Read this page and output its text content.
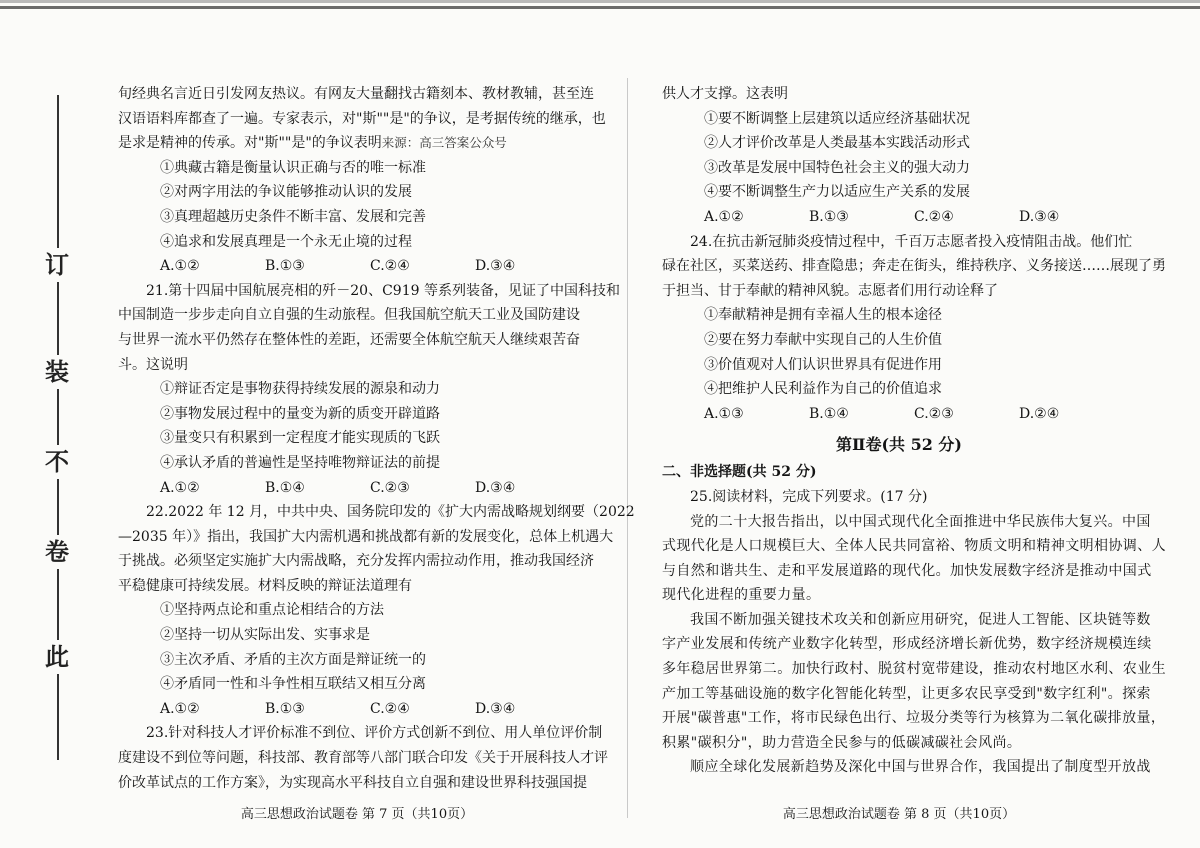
此
卷
不
装
订
旬经典名言近日引发网友热议。有网友大量翻找古籍刻本、教材教辅，甚至连
汉语语料库都查了一遍。专家表示，对"斯""是"的争议，是考据传统的继承，也
是求是精神的传承。对"斯""是"的争议表明来源：高三答案公众号
①典藏古籍是衡量认识正确与否的唯一标准
②对两字用法的争议能够推动认识的发展
③真理超越历史条件不断丰富、发展和完善
④追求和发展真理是一个永无止境的过程
A.①②	B.①③	C.②④	D.③④
21.第十四届中国航展亮相的歼－20、C919 等系列装备，见证了中国科技和
中国制造一步步走向自立自强的生动旅程。但我国航空航天工业及国防建设
与世界一流水平仍然存在整体性的差距，还需要全体航空航天人继续艰苦奋
斗。这说明
①辩证否定是事物获得持续发展的源泉和动力
②事物发展过程中的量变为新的质变开辟道路
③量变只有积累到一定程度才能实现质的飞跃
④承认矛盾的普遍性是坚持唯物辩证法的前提
A.①②	B.①④	C.②③	D.③④
22.2022 年 12 月，中共中央、国务院印发的《扩大内需战略规划纲要（2022
—2035 年）》指出，我国扩大内需机遇和挑战都有新的发展变化，总体上机遇大
于挑战。必须坚定实施扩大内需战略，充分发挥内需拉动作用，推动我国经济
平稳健康可持续发展。材料反映的辩证法道理有
①坚持两点论和重点论相结合的方法
②坚持一切从实际出发、实事求是
③主次矛盾、矛盾的主次方面是辩证统一的
④矛盾同一性和斗争性相互联结又相互分离
A.①②	B.①③	C.②④	D.③④
23.针对科技人才评价标准不到位、评价方式创新不到位、用人单位评价制
度建设不到位等问题，科技部、教育部等八部门联合印发《关于开展科技人才评
价改革试点的工作方案》，为实现高水平科技自立自强和建设世界科技强国提
供人才支撑。这表明
①要不断调整上层建筑以适应经济基础状况
②人才评价改革是人类最基本实践活动形式
③改革是发展中国特色社会主义的强大动力
④要不断调整生产力以适应生产关系的发展
A.①②	B.①③	C.②④	D.③④
24.在抗击新冠肺炎疫情过程中，千百万志愿者投入疫情阻击战。他们忙
碌在社区，买菜送药、排查隐患；奔走在街头，维持秩序、义务接送……展现了勇
于担当、甘于奉献的精神风貌。志愿者们用行动诠释了
①奉献精神是拥有幸福人生的根本途径
②要在努力奉献中实现自己的人生价值
③价值观对人们认识世界具有促进作用
④把维护人民利益作为自己的价值追求
A.①③	B.①④	C.②③	D.②④
第Ⅱ卷(共 52 分)
二、非选择题(共 52 分)
25.阅读材料，完成下列要求。(17 分)
党的二十大报告指出，以中国式现代化全面推进中华民族伟大复兴。中国
式现代化是人口规模巨大、全体人民共同富裕、物质文明和精神文明相协调、人
与自然和谐共生、走和平发展道路的现代化。加快发展数字经济是推动中国式
现代化进程的重要力量。
我国不断加强关键技术攻关和创新应用研究，促进人工智能、区块链等数
字产业发展和传统产业数字化转型，形成经济增长新优势，数字经济规模连续
多年稳居世界第二。加快行政村、脱贫村宽带建设，推动农村地区水利、农业生
产加工等基础设施的数字化智能化转型，让更多农民享受到"数字红利"。探索
开展"碳普惠"工作，将市民绿色出行、垃圾分类等行为核算为二氧化碳排放量，
积累"碳积分"，助力营造全民参与的低碳减碳社会风尚。
顺应全球化发展新趋势及深化中国与世界合作，我国提出了制度型开放战
高三思想政治试题卷 第 7 页（共10页）	高三思想政治试题卷 第 8 页（共10页）
